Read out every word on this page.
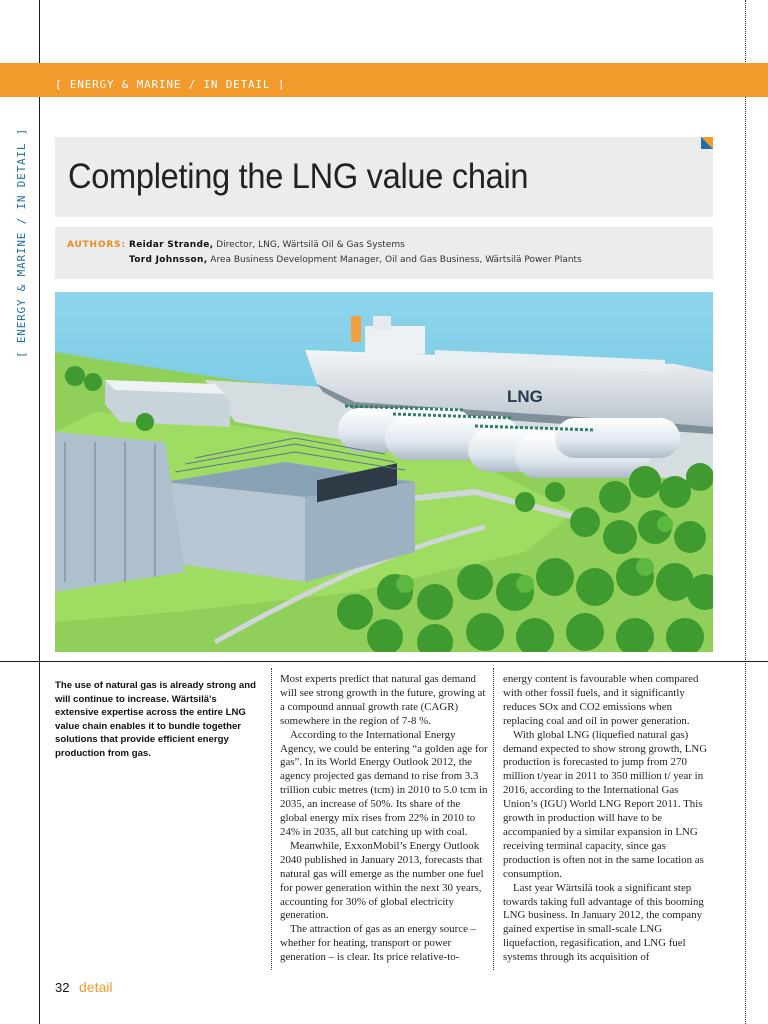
[ ENERGY & MARINE / IN DETAIL ]
[ ENERGY & MARINE / IN DETAIL ] Completing the LNG value chain
AUTHORS: Reidar Strande, Director, LNG, Wärtsilä Oil & Gas Systems
Tord Johnsson, Area Business Development Manager, Oil and Gas Business, Wärtsilä Power Plants
LNG
The use of natural gas is already strong and will continue to increase. Wärtsilä's extensive expertise across the entire LNG value chain enables it to bundle together solutions that provide efficient energy production from gas.

Most experts predict that natural gas demand will see strong growth in the future, growing at a compound annual growth rate (CAGR) somewhere in the region of 7-8 %.

According to the International Energy Agency, we could be entering “a golden age for gas”. In its World Energy Outlook 2012, the agency projected gas demand to rise from 3.3 trillion cubic metres (tcm) in 2010 to 5.0 tcm in 2035, an increase of 50%. Its share of the global energy mix rises from 22% in 2010 to 24% in 2035, all but catching up with coal.

Meanwhile, ExxonMobil’s Energy Outlook 2040 published in January 2013, forecasts that natural gas will emerge as the number one fuel for power generation within the next 30 years, accounting for 30% of global electricity generation.

The attraction of gas as an energy source – whether for heating, transport or power generation – is clear. Its price relative-to-

energy content is favourable when compared with other fossil fuels, and it significantly reduces SOx and CO2 emissions when replacing coal and oil in power generation.

With global LNG (liquefied natural gas) demand expected to show strong growth, LNG production is forecasted to jump from 270 million t/year in 2011 to 350 million t/ year in 2016, according to the International Gas Union’s (IGU) World LNG Report 2011. This growth in production will have to be accompanied by a similar expansion in LNG receiving terminal capacity, since gas production is often not in the same location as consumption.

Last year Wärtsilä took a significant step towards taking full advantage of this booming LNG business. In January 2012, the company gained expertise in small-scale LNG liquefaction, regasification, and LNG fuel systems through its acquisition of

32 detail
